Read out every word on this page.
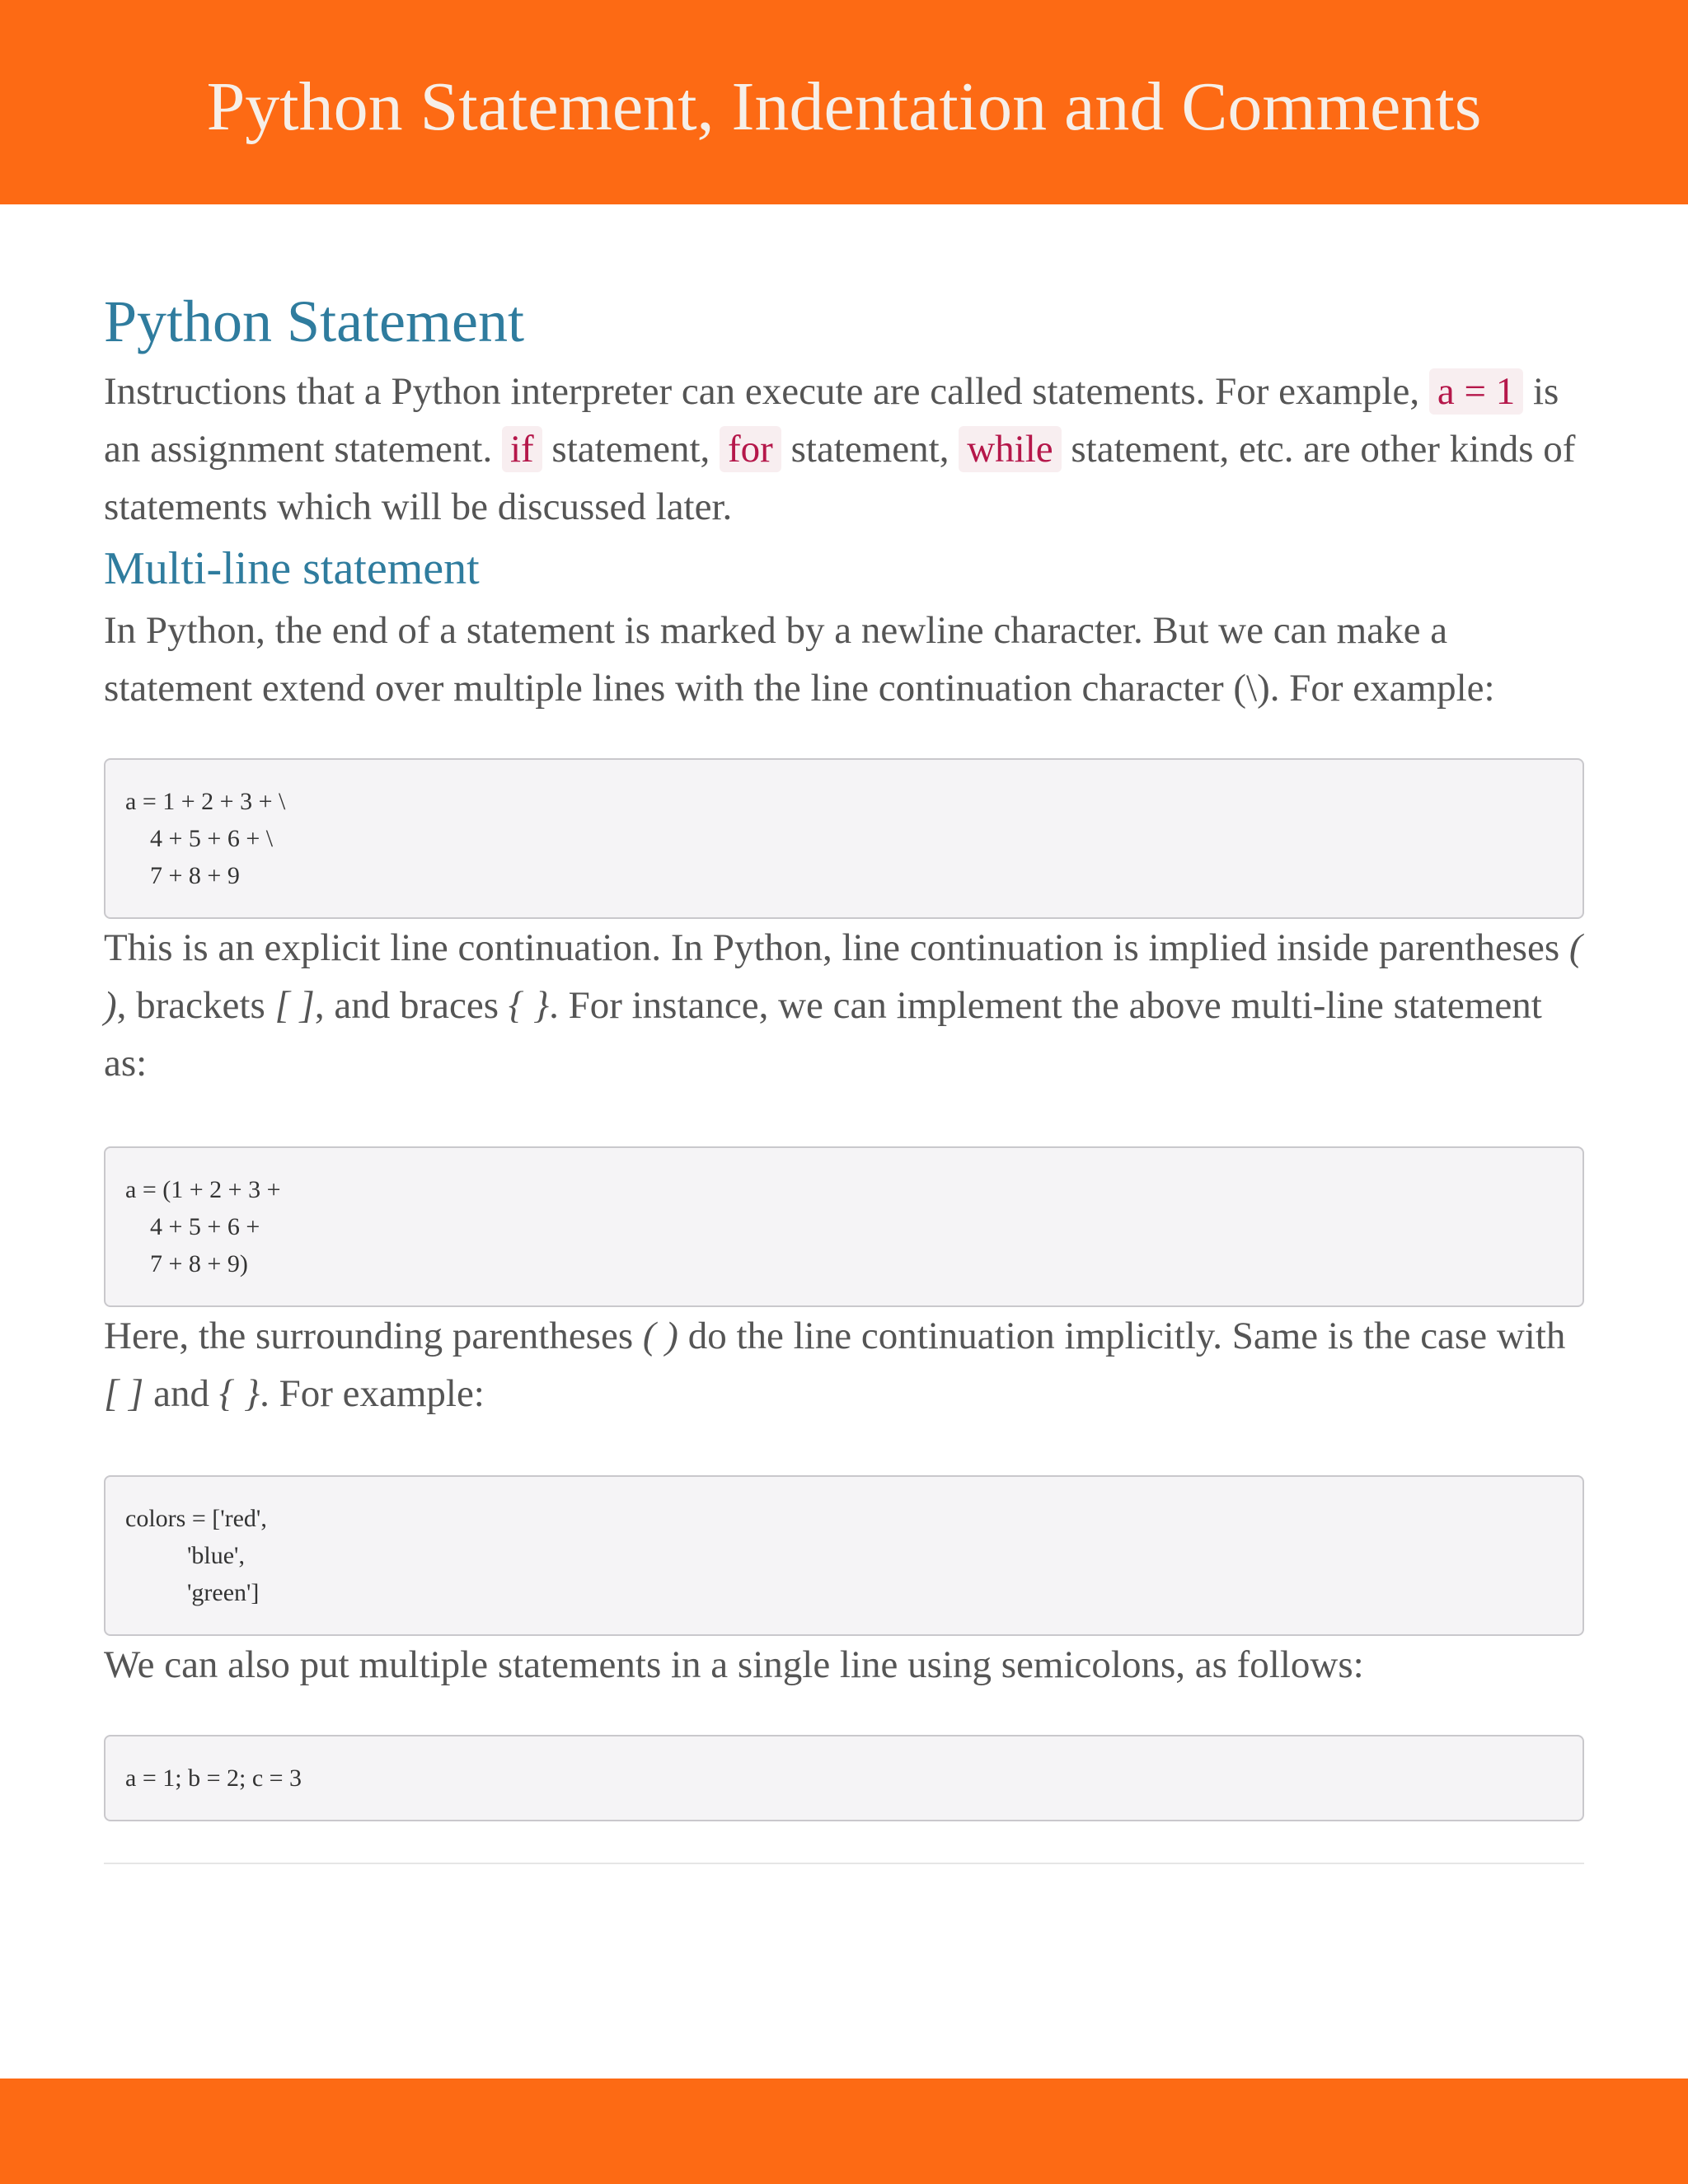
Python Statement, Indentation and Comments
Python Statement

Instructions that a Python interpreter can execute are called statements. For example, a = 1 is an assignment statement. if statement, for statement, while statement, etc. are other kinds of statements which will be discussed later.

Multi-line statement

In Python, the end of a statement is marked by a newline character. But we can make a statement extend over multiple lines with the line continuation character (\). For example:

a = 1 + 2 + 3 + \
4 + 5 + 6 + \
7 + 8 + 9

This is an explicit line continuation. In Python, line continuation is implied inside parentheses ( ), brackets [ ], and braces { }. For instance, we can implement the above multi-line statement as:

a = (1 + 2 + 3 +
4 + 5 + 6 +
7 + 8 + 9)

Here, the surrounding parentheses ( ) do the line continuation implicitly. Same is the case with [ ] and { }. For example:

colors = ['red',
'blue',
'green']

We can also put multiple statements in a single line using semicolons, as follows:

a = 1; b = 2; c = 3
